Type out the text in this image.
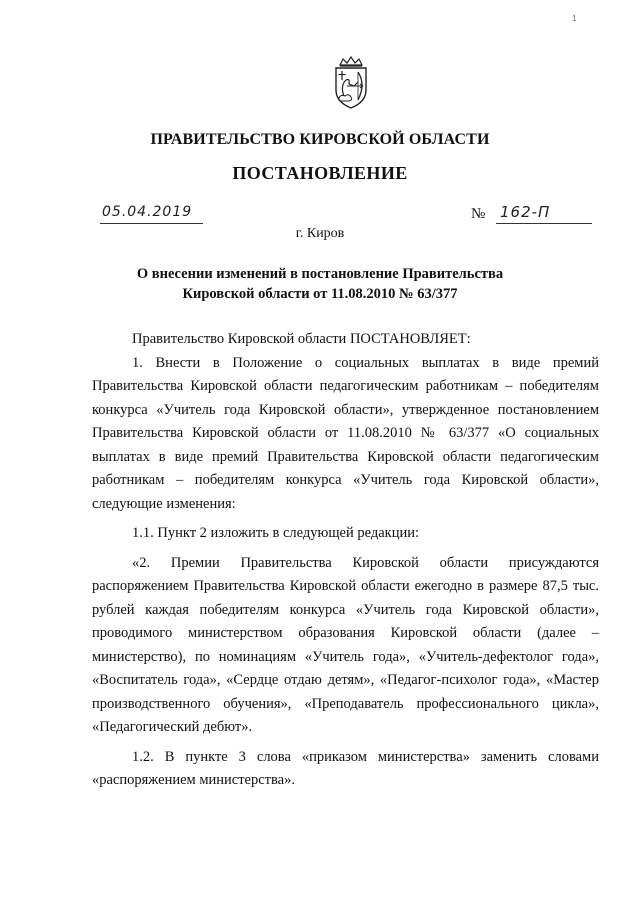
1
ПРАВИТЕЛЬСТВО КИРОВСКОЙ ОБЛАСТИ
ПОСТАНОВЛЕНИЕ
05.04.2019	№ 162-П
г. Киров
О внесении изменений в постановление Правительства
Кировской области от 11.08.2010 № 63/377

Правительство Кировской области ПОСТАНОВЛЯЕТ:

1. Внести в Положение о социальных выплатах в виде премий Правительства Кировской области педагогическим работникам – победителям конкурса «Учитель года Кировской области», утвержденное постановлением Правительства Кировской области от 11.08.2010 № 63/377 «О социальных выплатах в виде премий Правительства Кировской области педагогическим работникам – победителям конкурса «Учитель года Кировской области», следующие изменения:

1.1. Пункт 2 изложить в следующей редакции:

«2. Премии Правительства Кировской области присуждаются распоряжением Правительства Кировской области ежегодно в размере 87,5 тыс. рублей каждая победителям конкурса «Учитель года Кировской области», проводимого министерством образования Кировской области (далее – министерство), по номинациям «Учитель года», «Учитель-дефектолог года», «Воспитатель года», «Сердце отдаю детям», «Педагог-психолог года», «Мастер производственного обучения», «Преподаватель профессионального цикла», «Педагогический дебют».

1.2. В пункте 3 слова «приказом министерства» заменить словами «распоряжением министерства».
